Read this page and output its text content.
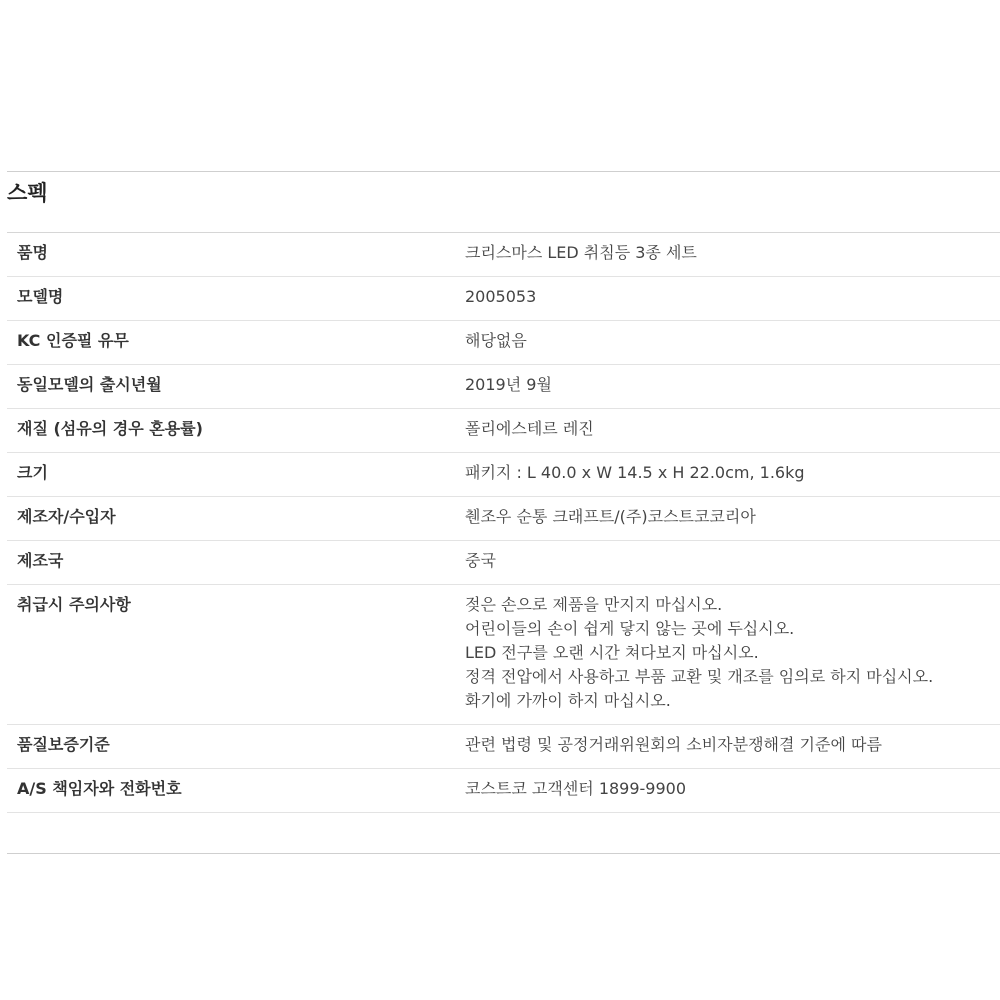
스펙
품명	크리스마스 LED 취침등 3종 세트

모델명	2005053

KC 인증필 유무	해당없음

동일모델의 출시년월	2019년 9월

재질 (섬유의 경우 혼용률)	폴리에스테르 레진

크기	패키지 : L 40.0 x W 14.5 x H 22.0cm, 1.6kg

제조자/수입자	췐조우 순통 크래프트/(주)코스트코코리아

제조국	중국

취급시 주의사항	젖은 손으로 제품을 만지지 마십시오.
어린이들의 손이 쉽게 닿지 않는 곳에 두십시오.
LED 전구를 오랜 시간 쳐다보지 마십시오.
정격 전압에서 사용하고 부품 교환 및 개조를 임의로 하지 마십시오.
화기에 가까이 하지 마십시오.

품질보증기준	관련 법령 및 공정거래위원회의 소비자분쟁해결 기준에 따름

A/S 책임자와 전화번호	코스트코 고객센터 1899-9900
